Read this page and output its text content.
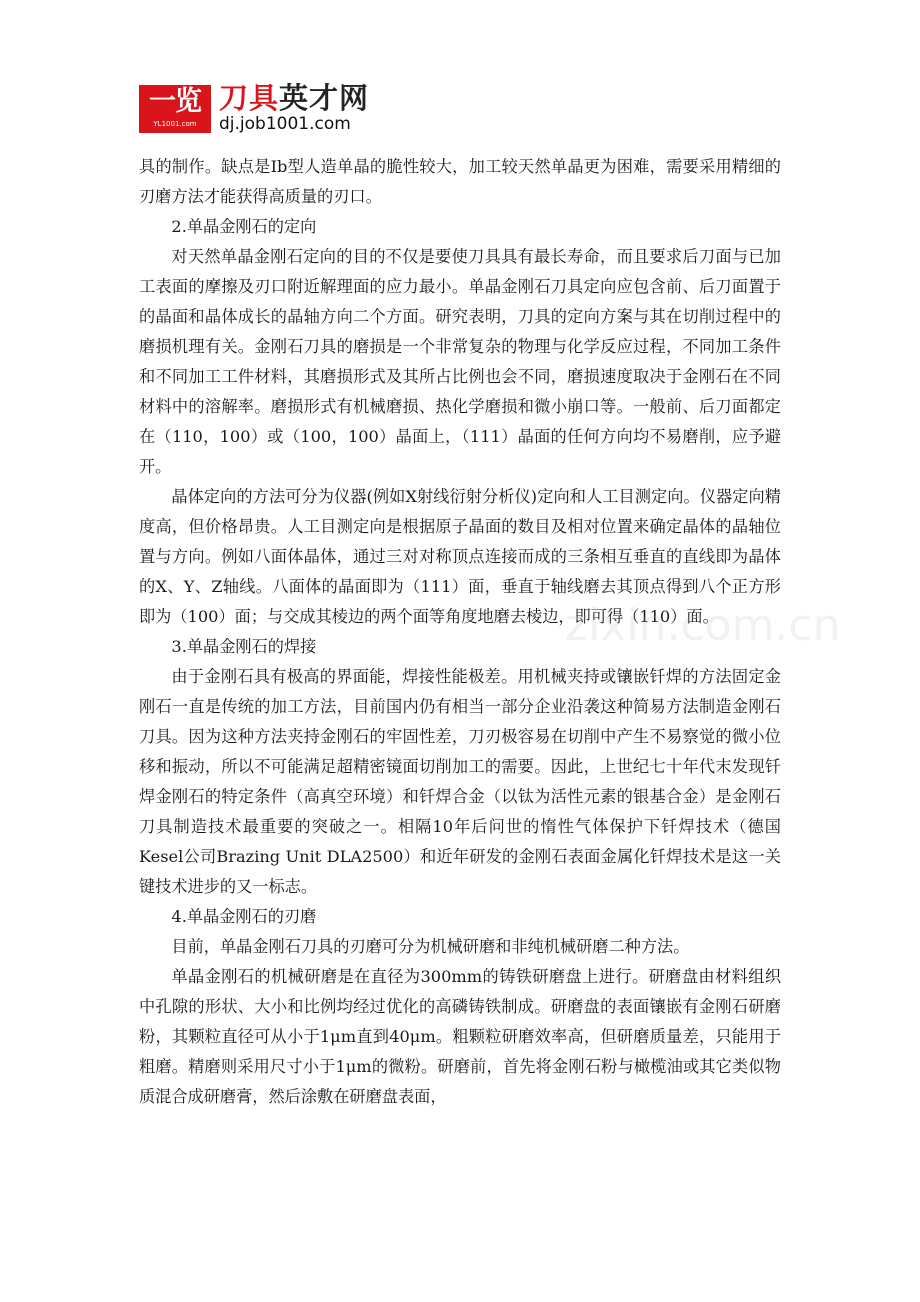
一览
YL1001.com
刀具英才网
dj.job1001.com

具的制作。缺点是Ib型人造单晶的脆性较大，加工较天然单晶更为困难，需要采用精细的刃磨方法才能获得高质量的刃口。

2.单晶金刚石的定向

对天然单晶金刚石定向的目的不仅是要使刀具具有最长寿命，而且要求后刀面与已加工表面的摩擦及刃口附近解理面的应力最小。单晶金刚石刀具定向应包含前、后刀面置于的晶面和晶体成长的晶轴方向二个方面。研究表明，刀具的定向方案与其在切削过程中的磨损机理有关。金刚石刀具的磨损是一个非常复杂的物理与化学反应过程，不同加工条件和不同加工工件材料，其磨损形式及其所占比例也会不同，磨损速度取决于金刚石在不同材料中的溶解率。磨损形式有机械磨损、热化学磨损和微小崩口等。一般前、后刀面都定在（110，100）或（100，100）晶面上，（111）晶面的任何方向均不易磨削，应予避开。

晶体定向的方法可分为仪器(例如X射线衍射分析仪)定向和人工目测定向。仪器定向精度高，但价格昂贵。人工目测定向是根据原子晶面的数目及相对位置来确定晶体的晶轴位置与方向。例如八面体晶体，通过三对对称顶点连接而成的三条相互垂直的直线即为晶体的X、Y、Z轴线。八面体的晶面即为（111）面，垂直于轴线磨去其顶点得到八个正方形即为（100）面；与交成其棱边的两个面等角度地磨去棱边，即可得（110）面。

3.单晶金刚石的焊接

由于金刚石具有极高的界面能，焊接性能极差。用机械夹持或镶嵌钎焊的方法固定金刚石一直是传统的加工方法，目前国内仍有相当一部分企业沿袭这种简易方法制造金刚石刀具。因为这种方法夹持金刚石的牢固性差，刀刃极容易在切削中产生不易察觉的微小位移和振动，所以不可能满足超精密镜面切削加工的需要。因此，上世纪七十年代末发现钎焊金刚石的特定条件（高真空环境）和钎焊合金（以钛为活性元素的银基合金）是金刚石刀具制造技术最重要的突破之一。相隔10年后问世的惰性气体保护下钎焊技术（德国Kesel公司Brazing Unit DLA2500）和近年研发的金刚石表面金属化钎焊技术是这一关键技术进步的又一标志。

4.单晶金刚石的刃磨

目前，单晶金刚石刀具的刃磨可分为机械研磨和非纯机械研磨二种方法。

单晶金刚石的机械研磨是在直径为300mm的铸铁研磨盘上进行。研磨盘由材料组织中孔隙的形状、大小和比例均经过优化的高磷铸铁制成。研磨盘的表面镶嵌有金刚石研磨粉，其颗粒直径可从小于1μm直到40μm。粗颗粒研磨效率高，但研磨质量差，只能用于粗磨。精磨则采用尺寸小于1μm的微粉。研磨前，首先将金刚石粉与橄榄油或其它类似物质混合成研磨膏，然后涂敷在研磨盘表面，

zixin.com.cn
